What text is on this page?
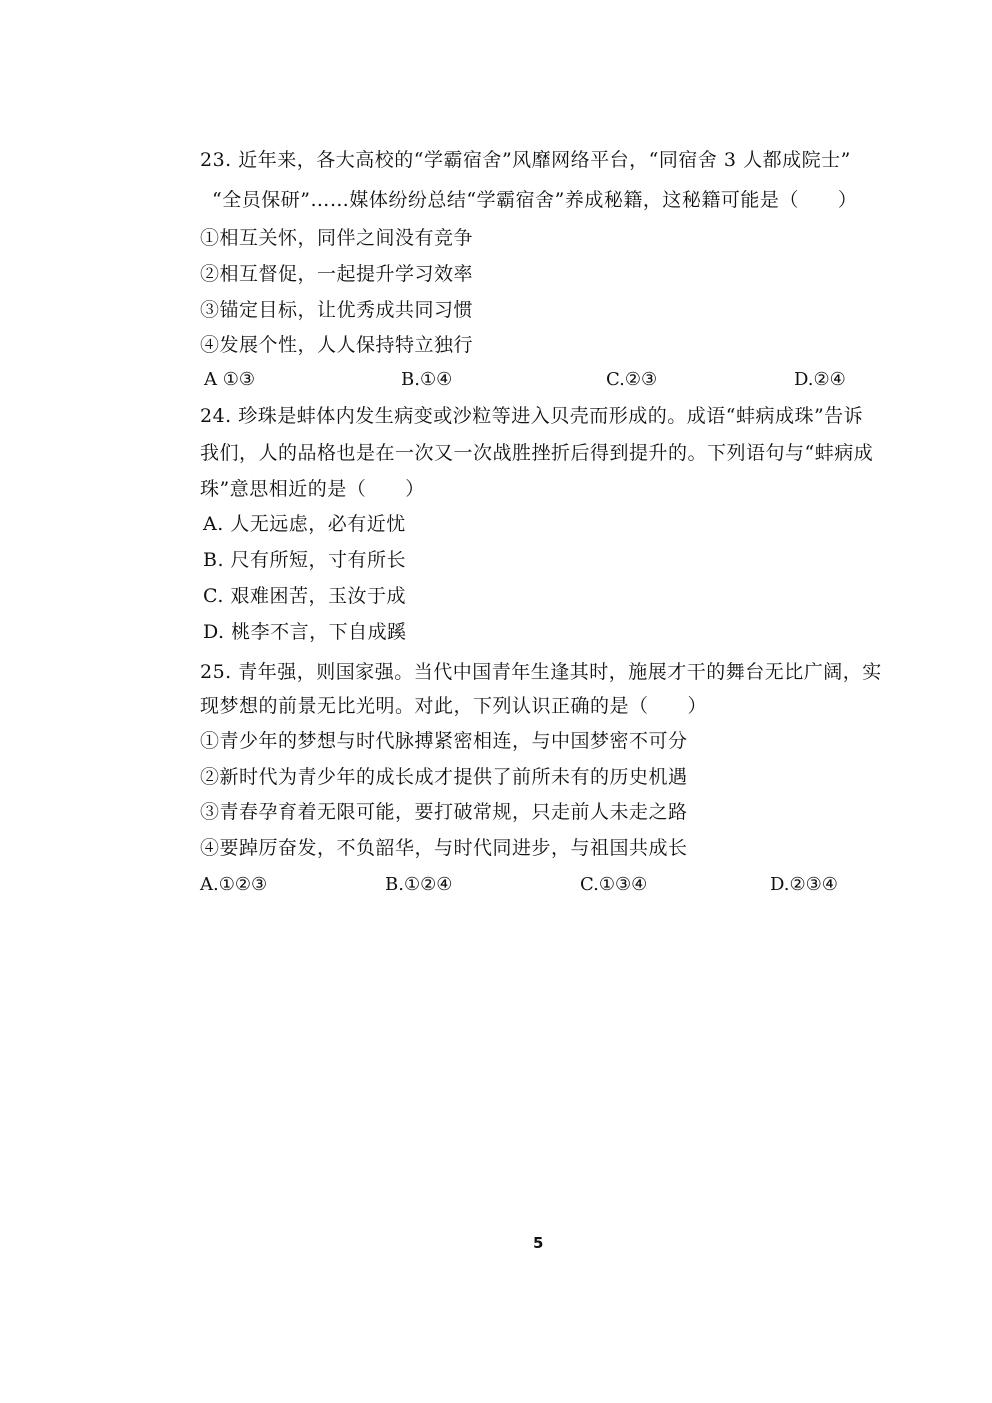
23. 近年来，各大高校的“学霸宿舍”风靡网络平台，“同宿舍 3 人都成院士”
“全员保研”……媒体纷纷总结“学霸宿舍”养成秘籍，这秘籍可能是（　　）
①相互关怀，同伴之间没有竞争
②相互督促，一起提升学习效率
③锚定目标，让优秀成共同习惯
④发展个性，人人保持特立独行
A ①③	B.①④	C.②③	D.②④
24. 珍珠是蚌体内发生病变或沙粒等进入贝壳而形成的。成语“蚌病成珠”告诉
我们，人的品格也是在一次又一次战胜挫折后得到提升的。下列语句与“蚌病成
珠”意思相近的是（　　）
A. 人无远虑，必有近忧
B. 尺有所短，寸有所长
C. 艰难困苦，玉汝于成
D. 桃李不言，下自成蹊
25. 青年强，则国家强。当代中国青年生逢其时，施展才干的舞台无比广阔，实
现梦想的前景无比光明。对此，下列认识正确的是（　　）
①青少年的梦想与时代脉搏紧密相连，与中国梦密不可分
②新时代为青少年的成长成才提供了前所未有的历史机遇
③青春孕育着无限可能，要打破常规，只走前人未走之路
④要踔厉奋发，不负韶华，与时代同进步，与祖国共成长
A.①②③	B.①②④	C.①③④	D.②③④
5
